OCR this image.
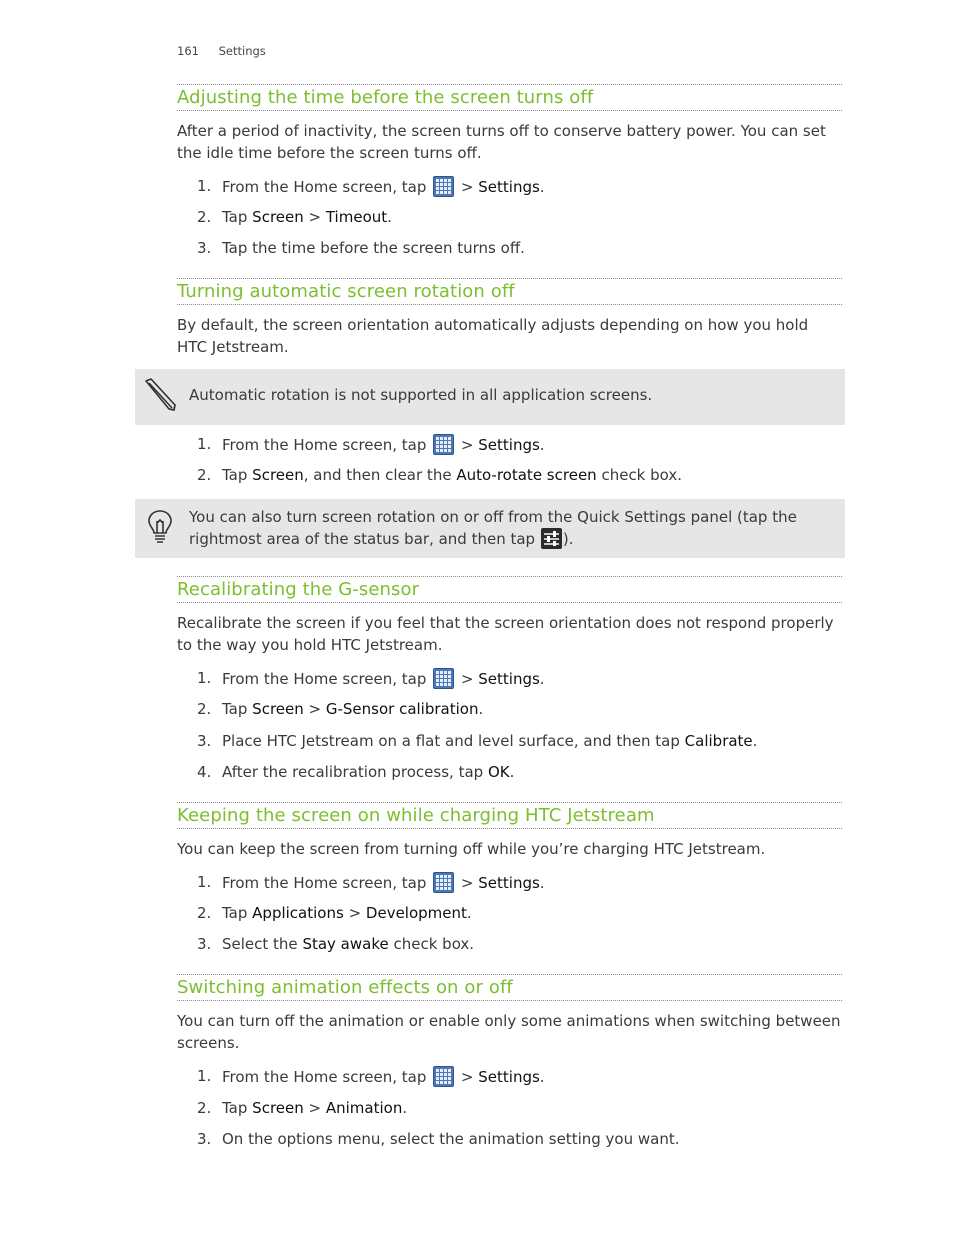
161 Settings
Adjusting the time before the screen turns off
After a period of inactivity, the screen turns off to conserve battery power. You can set the idle time before the screen turns off.
1. From the Home screen, tap
> Settings.
2. Tap Screen > Timeout.
3. Tap the time before the screen turns off.
Turning automatic screen rotation off
By default, the screen orientation automatically adjusts depending on how you hold HTC Jetstream.
Automatic rotation is not supported in all application screens.
1. From the Home screen, tap
> Settings.
2. Tap Screen, and then clear the Auto-rotate screen check box.
You can also turn screen rotation on or off from the Quick Settings panel (tap the rightmost area of the status bar, and then tap
).
Recalibrating the G-sensor
Recalibrate the screen if you feel that the screen orientation does not respond properly to the way you hold HTC Jetstream.
1. From the Home screen, tap
> Settings.
2. Tap Screen > G-Sensor calibration.
3. Place HTC Jetstream on a flat and level surface, and then tap Calibrate.
4. After the recalibration process, tap OK.
Keeping the screen on while charging HTC Jetstream
You can keep the screen from turning off while you’re charging HTC Jetstream.
1. From the Home screen, tap
> Settings.
2. Tap Applications > Development.
3. Select the Stay awake check box.
Switching animation effects on or off
You can turn off the animation or enable only some animations when switching between screens.
1. From the Home screen, tap
> Settings.
2. Tap Screen > Animation.
3. On the options menu, select the animation setting you want.
